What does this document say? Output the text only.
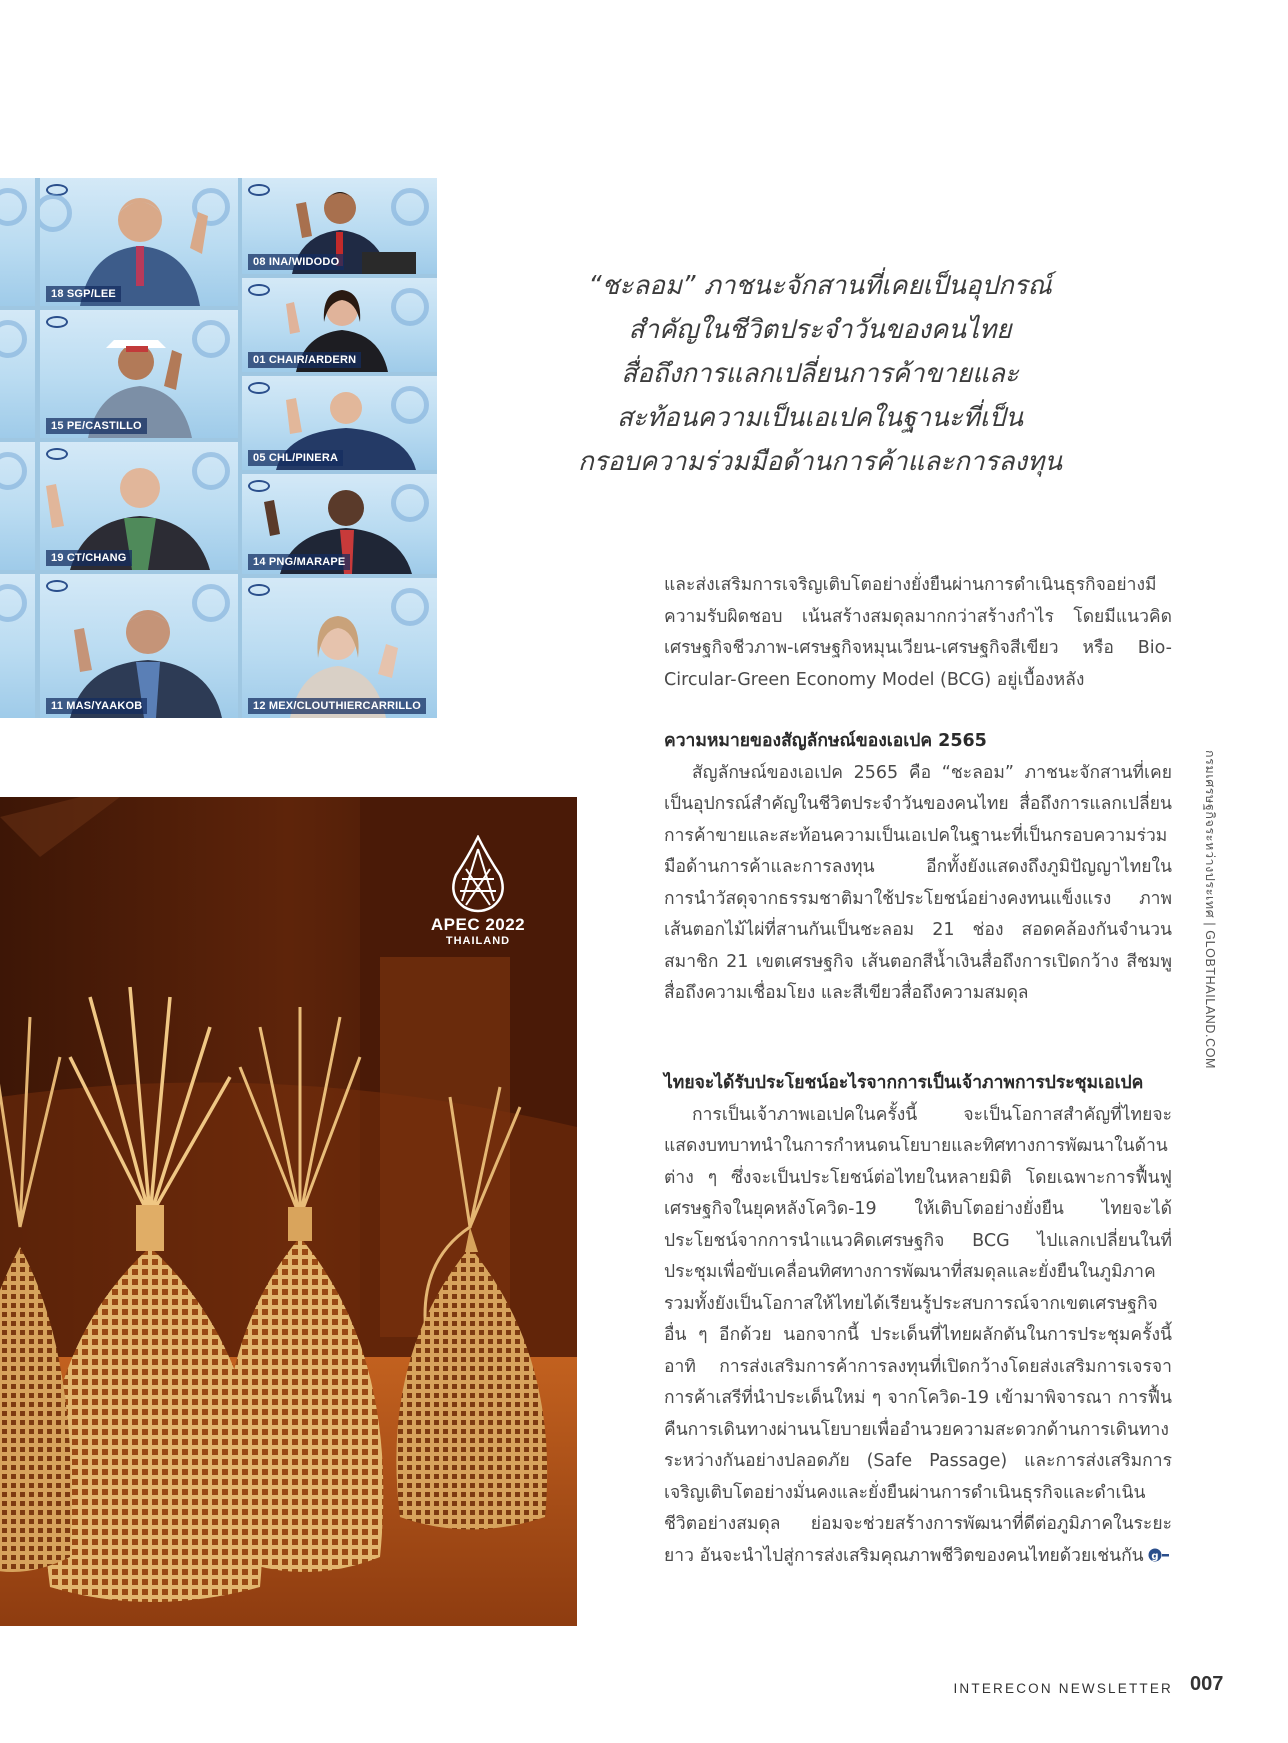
18 SGP/LEE
15 PE/CASTILLO
19 CT/CHANG
11 MAS/YAAKOB
08 INA/WIDODO
01 CHAIR/ARDERN
05 CHL/PINERA
14 PNG/MARAPE
12 MEX/CLOUTHIERCARRILLO
“ชะลอม” ภาชนะจักสานที่เคยเป็นอุปกรณ์
สำคัญในชีวิตประจำวันของคนไทย
สื่อถึงการแลกเปลี่ยนการค้าขายและ
สะท้อนความเป็นเอเปคในฐานะที่เป็น
กรอบความร่วมมือด้านการค้าและการลงทุน

และส่งเสริมการเจริญเติบโตอย่างยั่งยืนผ่านการดำเนินธุรกิจอย่างมีความรับผิดชอบ เน้นสร้างสมดุลมากกว่าสร้างกำไร โดยมีแนวคิดเศรษฐกิจชีวภาพ-เศรษฐกิจหมุนเวียน-เศรษฐกิจสีเขียว หรือ Bio-Circular-Green Economy Model (BCG) อยู่เบื้องหลัง

ความหมายของสัญลักษณ์ของเอเปค 2565

สัญลักษณ์ของเอเปค 2565 คือ “ชะลอม” ภาชนะจักสานที่เคยเป็นอุปกรณ์สำคัญในชีวิตประจำวันของคนไทย สื่อถึงการแลกเปลี่ยนการค้าขายและสะท้อนความเป็นเอเปคในฐานะที่เป็นกรอบความร่วมมือด้านการค้าและการลงทุน อีกทั้งยังแสดงถึงภูมิปัญญาไทยในการนำวัสดุจากธรรมชาติมาใช้ประโยชน์อย่างคงทนแข็งแรง ภาพเส้นตอกไม้ไผ่ที่สานกันเป็นชะลอม 21 ช่อง สอดคล้องกันจำนวนสมาชิก 21 เขตเศรษฐกิจ เส้นตอกสีน้ำเงินสื่อถึงการเปิดกว้าง สีชมพูสื่อถึงความเชื่อมโยง และสีเขียวสื่อถึงความสมดุล

ไทยจะได้รับประโยชน์อะไรจากการเป็นเจ้าภาพการประชุมเอเปค

การเป็นเจ้าภาพเอเปคในครั้งนี้ จะเป็นโอกาสสำคัญที่ไทยจะแสดงบทบาทนำในการกำหนดนโยบายและทิศทางการพัฒนาในด้านต่าง ๆ ซึ่งจะเป็นประโยชน์ต่อไทยในหลายมิติ โดยเฉพาะการฟื้นฟูเศรษฐกิจในยุคหลังโควิด-19 ให้เติบโตอย่างยั่งยืน ไทยจะได้ประโยชน์จากการนำแนวคิดเศรษฐกิจ BCG ไปแลกเปลี่ยนในที่ประชุมเพื่อขับเคลื่อนทิศทางการพัฒนาที่สมดุลและยั่งยืนในภูมิภาค รวมทั้งยังเป็นโอกาสให้ไทยได้เรียนรู้ประสบการณ์จากเขตเศรษฐกิจอื่น ๆ อีกด้วย นอกจากนี้ ประเด็นที่ไทยผลักดันในการประชุมครั้งนี้ อาทิ การส่งเสริมการค้าการลงทุนที่เปิดกว้างโดยส่งเสริมการเจรจาการค้าเสรีที่นำประเด็นใหม่ ๆ จากโควิด-19 เข้ามาพิจารณา การฟื้นคืนการเดินทางผ่านนโยบายเพื่ออำนวยความสะดวกด้านการเดินทางระหว่างกันอย่างปลอดภัย (Safe Passage) และการส่งเสริมการเจริญเติบโตอย่างมั่นคงและยั่งยืนผ่านการดำเนินธุรกิจและดำเนินชีวิตอย่างสมดุล ย่อมจะช่วยสร้างการพัฒนาที่ดีต่อภูมิภาคในระยะยาว อันจะนำไปสู่การส่งเสริมคุณภาพชีวิตของคนไทยด้วยเช่นกัน g

APEC 2022
THAILAND	กรมเศรษฐกิจระหว่างประเทศ | GLOBTHAILAND.COM
INTERECON NEWSLETTER 007
